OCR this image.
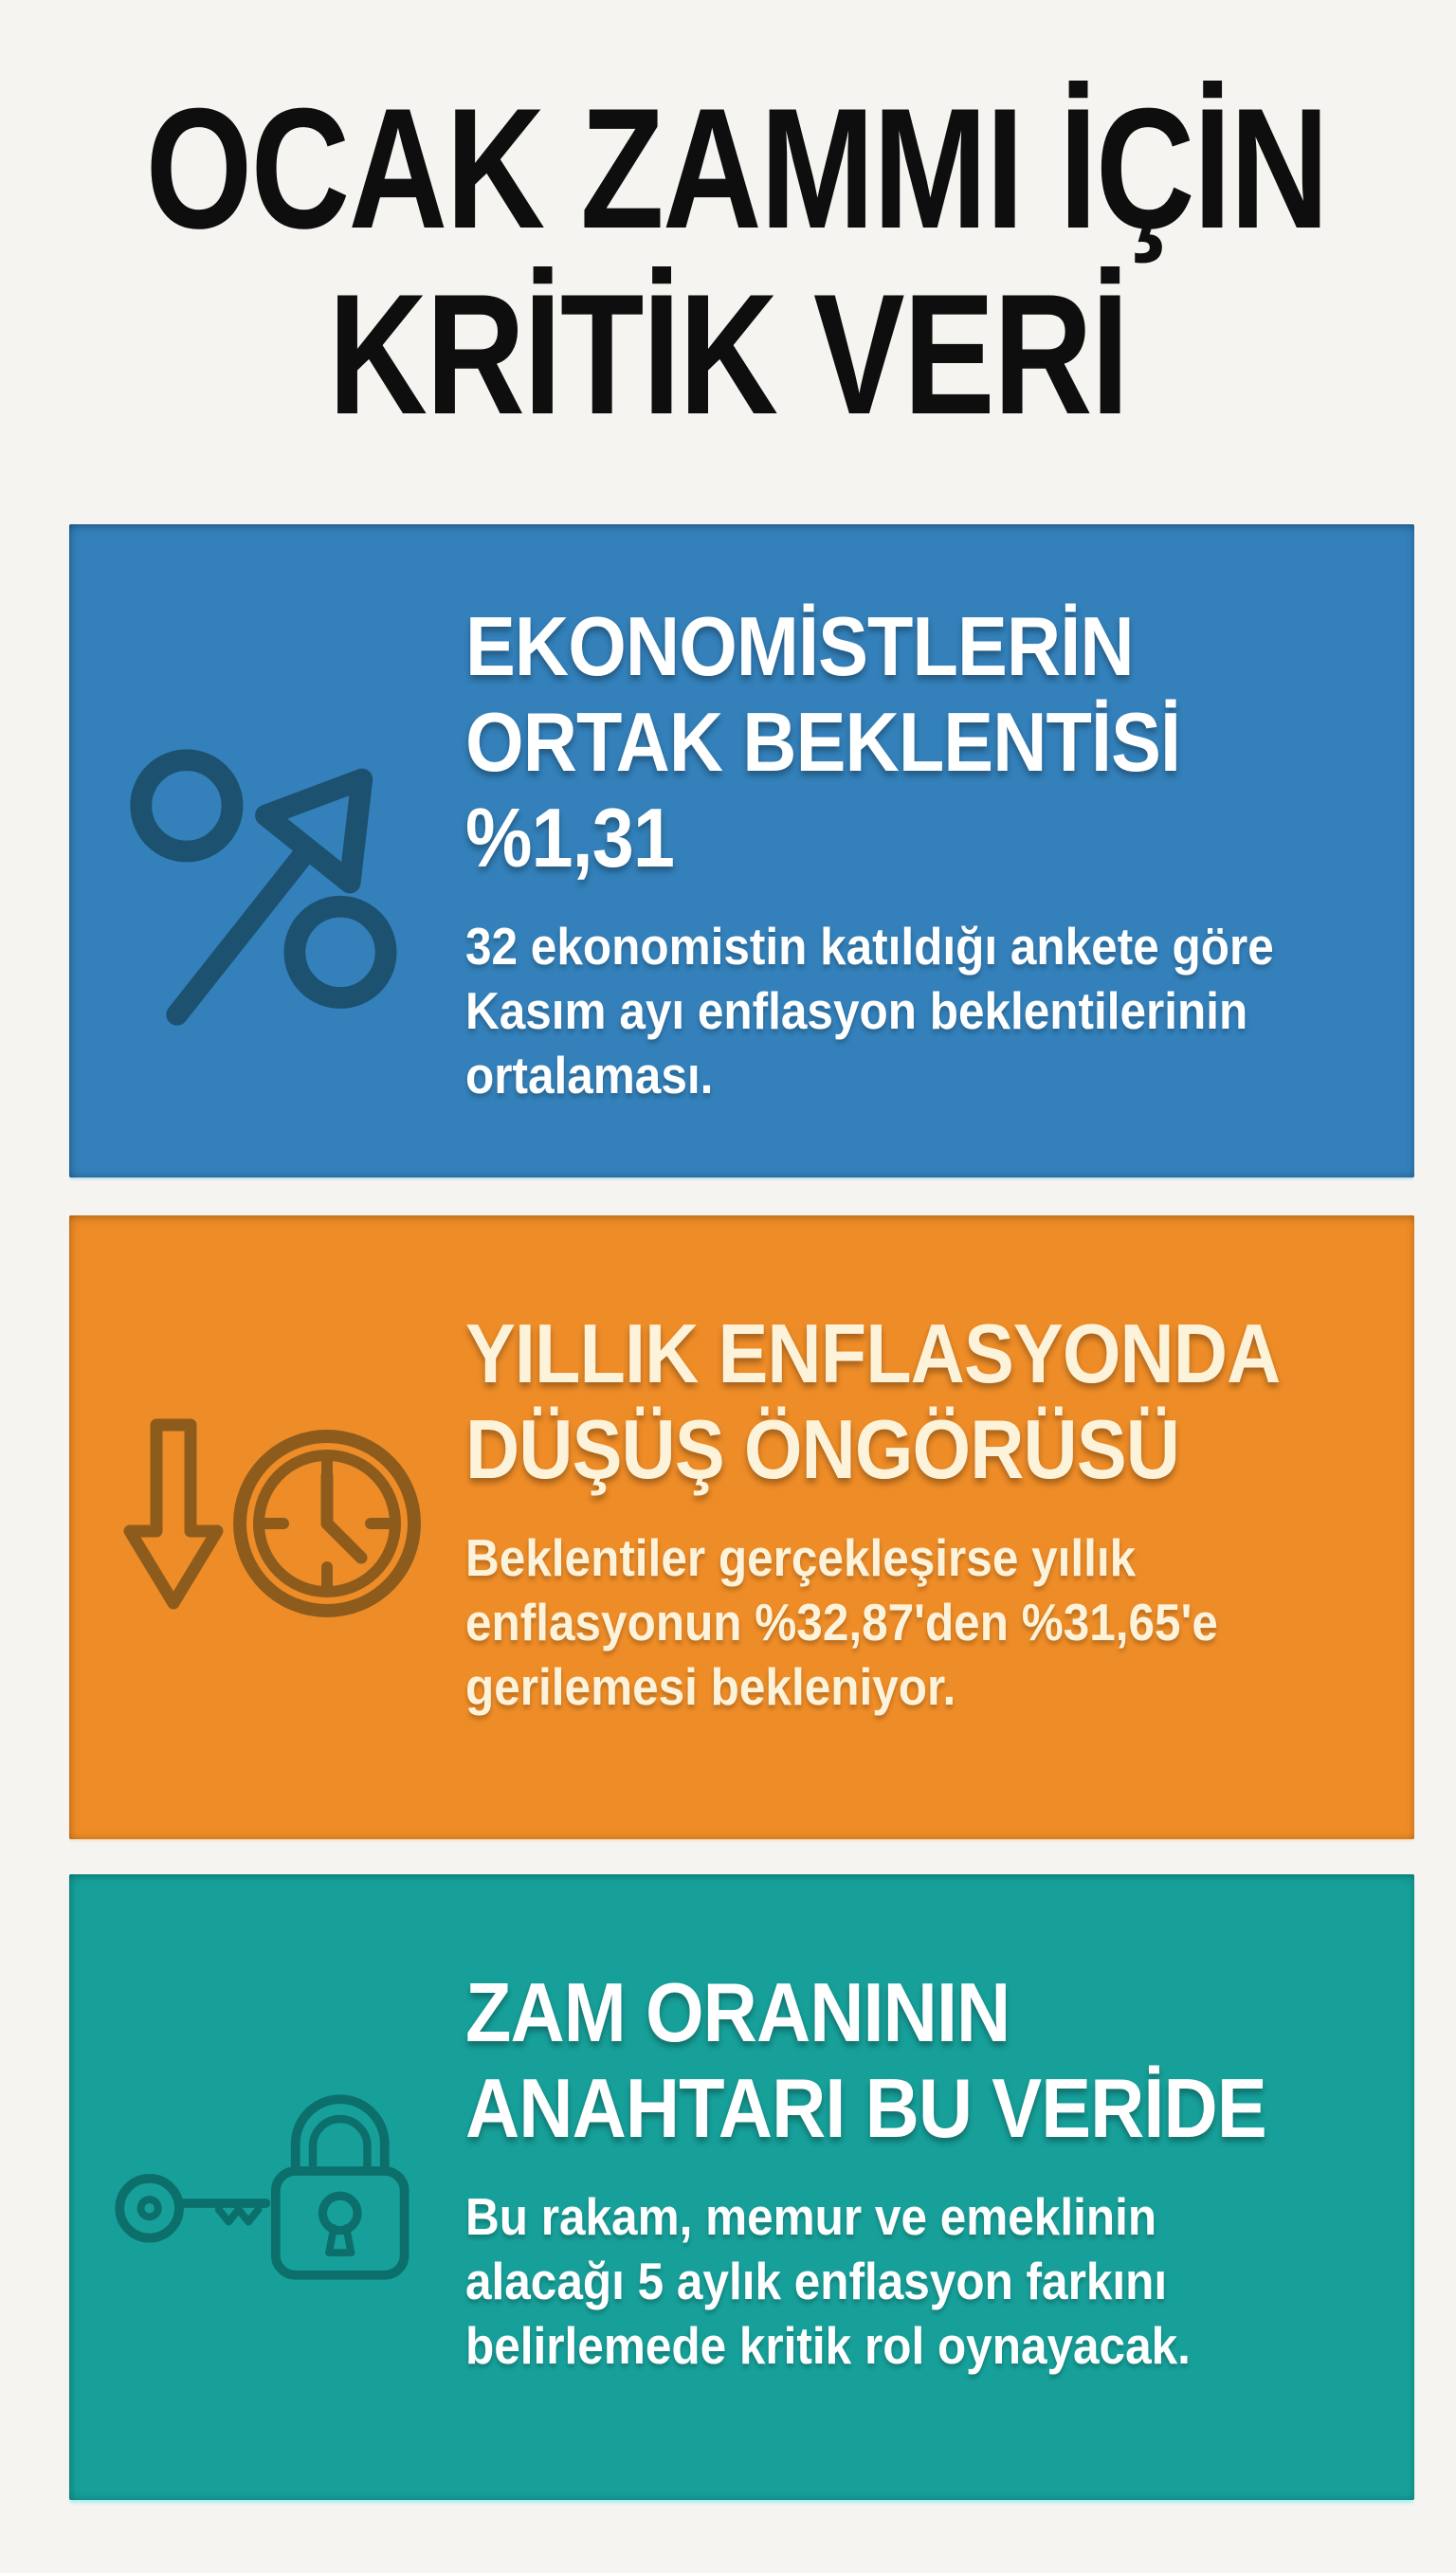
OCAK ZAMMI İÇİN
KRİTİK VERİ
EKONOMİSTLERİN
ORTAK BEKLENTİSİ
%1,31
32 ekonomistin katıldığı ankete göre
Kasım ayı enflasyon beklentilerinin
ortalaması.
YILLIK ENFLASYONDA
DÜŞÜŞ ÖNGÖRÜSÜ
Beklentiler gerçekleşirse yıllık
enflasyonun %32,87'den %31,65'e
gerilemesi bekleniyor.
ZAM ORANININ
ANAHTARI BU VERİDE
Bu rakam, memur ve emeklinin
alacağı 5 aylık enflasyon farkını
belirlemede kritik rol oynayacak.
